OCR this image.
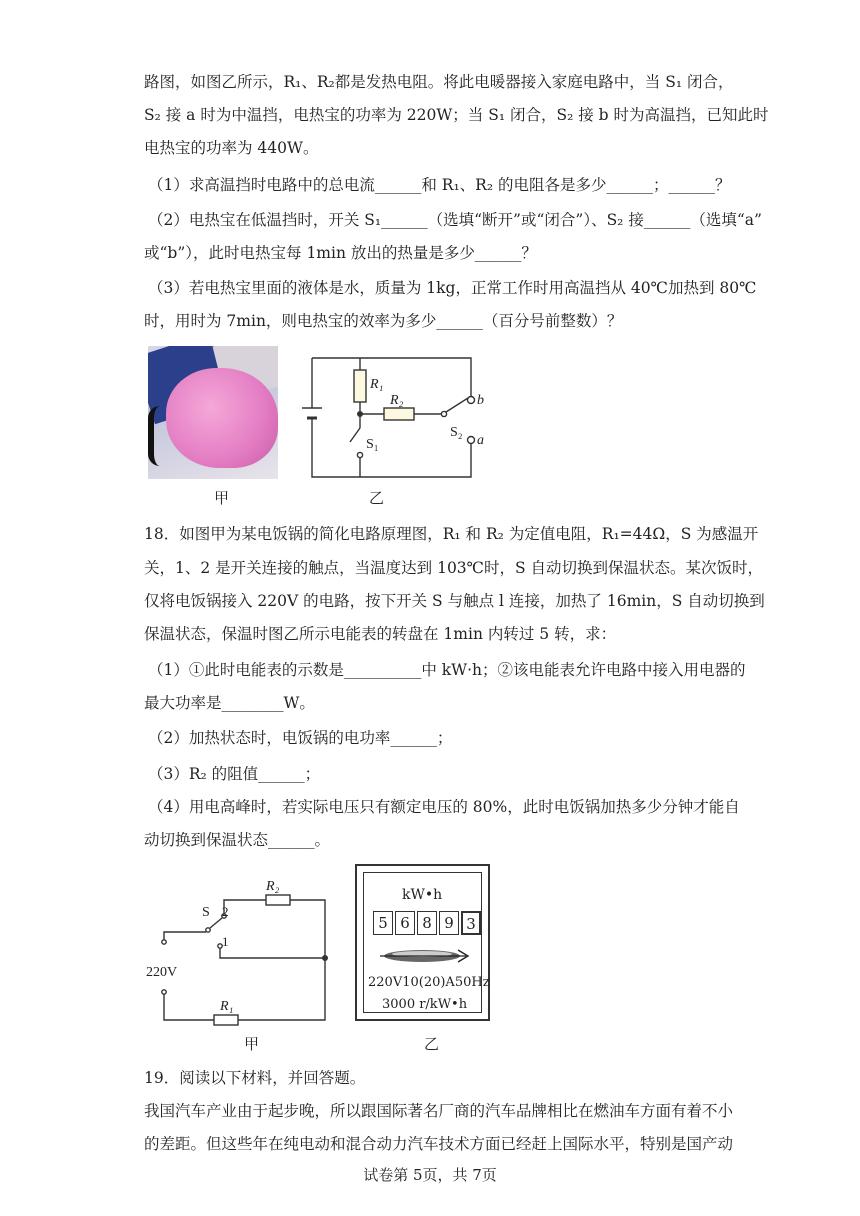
路图，如图乙所示，R₁、R₂都是发热电阻。将此电暖器接入家庭电路中，当 S₁ 闭合，
S₂ 接 a 时为中温挡，电热宝的功率为 220W；当 S₁ 闭合，S₂ 接 b 时为高温挡，已知此时
电热宝的功率为 440W。
（1）求高温挡时电路中的总电流______和 R₁、R₂ 的电阻各是多少______；______？
（2）电热宝在低温挡时，开关 S₁______（选填“断开”或“闭合”）、S₂ 接______（选填“a”
或“b”），此时电热宝每 1min 放出的热量是多少______？
（3）若电热宝里面的液体是水，质量为 1kg，正常工作时用高温挡从 40℃加热到 80℃
时，用时为 7min，则电热宝的效率为多少______（百分号前整数）？
R₁
R₂	b
a
S₁
S₂
甲	乙
18．如图甲为某电饭锅的简化电路原理图，R₁ 和 R₂ 为定值电阻，R₁=44Ω，S 为感温开
关，1、2 是开关连接的触点，当温度达到 103℃时，S 自动切换到保温状态。某次饭时，
仅将电饭锅接入 220V 的电路，按下开关 S 与触点 l 连接，加热了 16min，S 自动切换到
保温状态，保温时图乙所示电能表的转盘在 1min 内转过 5 转，求：
（1）①此时电能表的示数是__________中 kW·h；②该电能表允许电路中接入用电器的
最大功率是________W。
（2）加热状态时，电饭锅的电功率______；
（3）R₂ 的阻值______；
（4）用电高峰时，若实际电压只有额定电压的 80%，此时电饭锅加热多少分钟才能自
动切换到保温状态______。
R₂
S 2
1
220V
R₁
甲	乙
kW•h
5 6 8 9 3
220V10(20)A50Hz
3000 r/kW•h
19．阅读以下材料，并回答题。
我国汽车产业由于起步晚，所以跟国际著名厂商的汽车品牌相比在燃油车方面有着不小
的差距。但这些年在纯电动和混合动力汽车技术方面已经赶上国际水平，特别是国产动
试卷第 5页，共 7页
